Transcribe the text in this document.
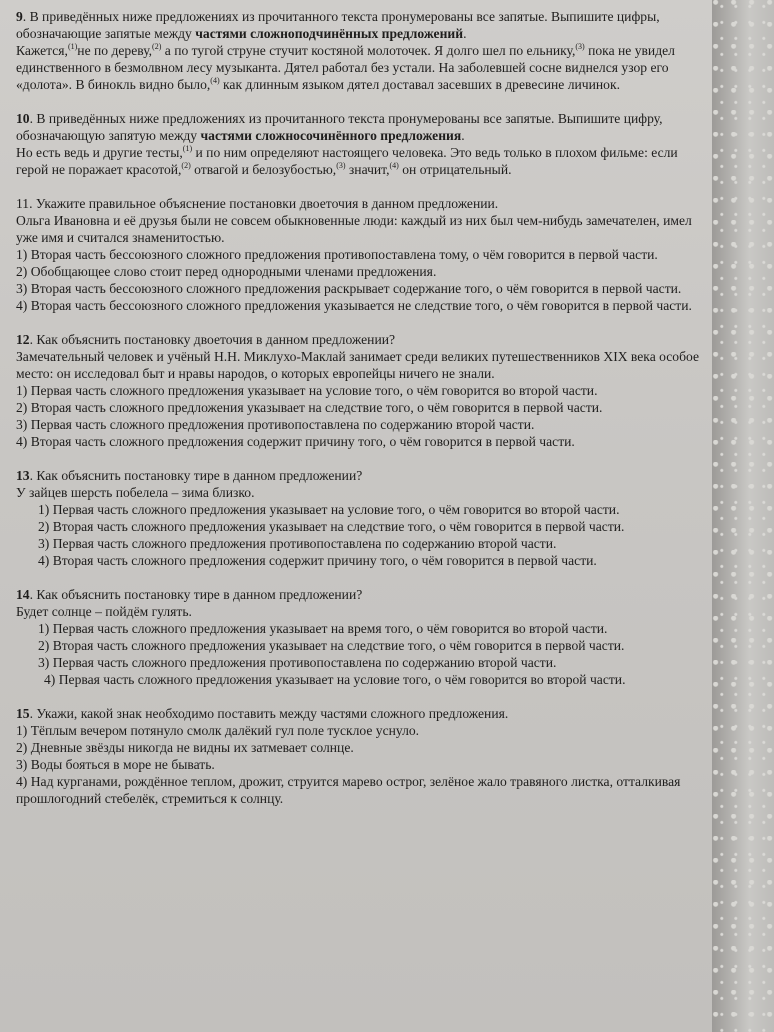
9. В приведённых ниже предложениях из прочитанного текста пронумерованы все запятые. Выпишите цифры, обозначающие запятые между частями сложноподчинённых предложений.

Кажется,$^{(1)}$не по дереву,$^{(2)}$ а по тугой струне стучит костяной молоточек. Я долго шел по ельнику,$^{(3)}$ пока не увидел единственного в безмолвном лесу музыканта. Дятел работал без устали. На заболевшей сосне виднелся узор его «долота». В бинокль видно было,$^{(4)}$ как длинным языком дятел доставал засевших в древесине личинок.

10. В приведённых ниже предложениях из прочитанного текста пронумерованы все запятые. Выпишите цифру, обозначающую запятую между частями сложносочинённого предложения.

Но есть ведь и другие тесты,$^{(1)}$ и по ним определяют настоящего человека. Это ведь только в плохом фильме: если герой не поражает красотой,$^{(2)}$ отвагой и белозубостью,$^{(3)}$ значит,$^{(4)}$ он отрицательный.

11. Укажите правильное объяснение постановки двоеточия в данном предложении.

Ольга Ивановна и её друзья были не совсем обыкновенные люди: каждый из них был чем-нибудь замечателен, имел уже имя и считался знаменитостью.

1) Вторая часть бессоюзного сложного предложения противопоставлена тому, о чём говорится в первой части.

2) Обобщающее слово стоит перед однородными членами предложения.

3) Вторая часть бессоюзного сложного предложения раскрывает содержание того, о чём говорится в первой части.

4) Вторая часть бессоюзного сложного предложения указывается не следствие того, о чём говорится в первой части.

12. Как объяснить постановку двоеточия в данном предложении?

Замечательный человек и учёный Н.Н. Миклухо-Маклай занимает среди великих путешественников XIX века особое место: он исследовал быт и нравы народов, о которых европейцы ничего не знали.

1) Первая часть сложного предложения указывает на условие того, о чём говорится во второй части.

2) Вторая часть сложного предложения указывает на следствие того, о чём говорится в первой части.

3) Первая часть сложного предложения противопоставлена по содержанию второй части.

4) Вторая часть сложного предложения содержит причину того, о чём говорится в первой части.

13. Как объяснить постановку тире в данном предложении?

У зайцев шерсть побелела – зима близко.

1) Первая часть сложного предложения указывает на условие того, о чём говорится во второй части.

2) Вторая часть сложного предложения указывает на следствие того, о чём говорится в первой части.

3) Первая часть сложного предложения противопоставлена по содержанию второй части.

4) Вторая часть сложного предложения содержит причину того, о чём говорится в первой части.

14. Как объяснить постановку тире в данном предложении?

Будет солнце – пойдём гулять.

1) Первая часть сложного предложения указывает на время того, о чём говорится во второй части.

2) Вторая часть сложного предложения указывает на следствие того, о чём говорится в первой части.

3) Первая часть сложного предложения противопоставлена по содержанию второй части.

4) Первая часть сложного предложения указывает на условие того, о чём говорится во второй части.

15. Укажи, какой знак необходимо поставить между частями сложного предложения.

1) Тёплым вечером потянуло смолк далёкий гул поле тусклое уснуло.

2) Дневные звёзды никогда не видны их затмевает солнце.

3) Воды бояться в море не бывать.

4) Над курганами, рождённое теплом, дрожит, струится марево острог, зелёное жало травяного листка, отталкивая прошлогодний стебелёк, стремиться к солнцу.
